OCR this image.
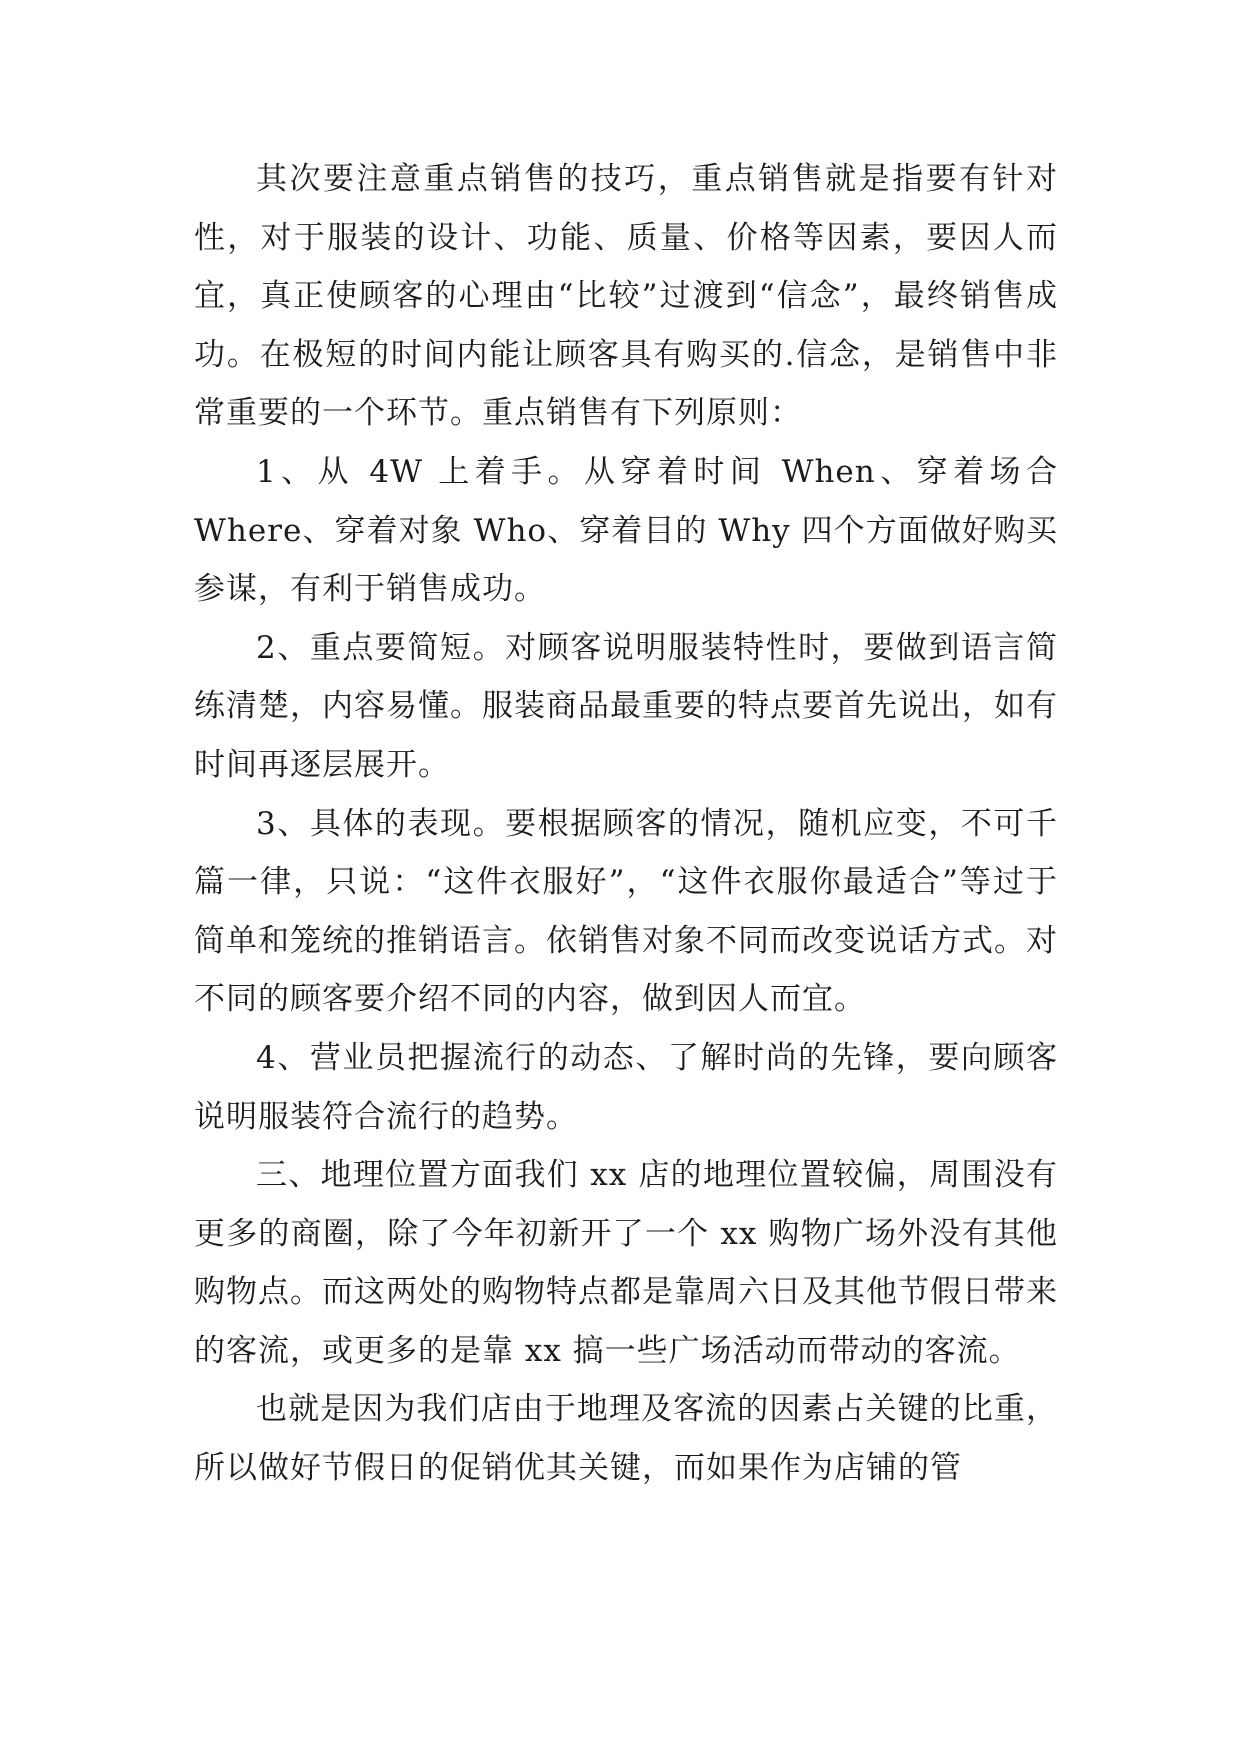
其次要注意重点销售的技巧，重点销售就是指要有针对性，对于服装的设计、功能、质量、价格等因素，要因人而宜，真正使顾客的心理由“比较”过渡到“信念”，最终销售成功。在极短的时间内能让顾客具有购买的.信念，是销售中非常重要的一个环节。重点销售有下列原则：

1、从 4W 上着手。从穿着时间 When、穿着场合 Where、穿着对象 Who、穿着目的 Why 四个方面做好购买参谋，有利于销售成功。

2、重点要简短。对顾客说明服装特性时，要做到语言简练清楚，内容易懂。服装商品最重要的特点要首先说出，如有时间再逐层展开。

3、具体的表现。要根据顾客的情况，随机应变，不可千篇一律，只说：“这件衣服好”，“这件衣服你最适合”等过于简单和笼统的推销语言。依销售对象不同而改变说话方式。对不同的顾客要介绍不同的内容，做到因人而宜。

4、营业员把握流行的动态、了解时尚的先锋，要向顾客说明服装符合流行的趋势。

三、地理位置方面我们 xx 店的地理位置较偏，周围没有更多的商圈，除了今年初新开了一个 xx 购物广场外没有其他购物点。而这两处的购物特点都是靠周六日及其他节假日带来的客流，或更多的是靠 xx 搞一些广场活动而带动的客流。

也就是因为我们店由于地理及客流的因素占关键的比重，所以做好节假日的促销优其关键，而如果作为店铺的管
